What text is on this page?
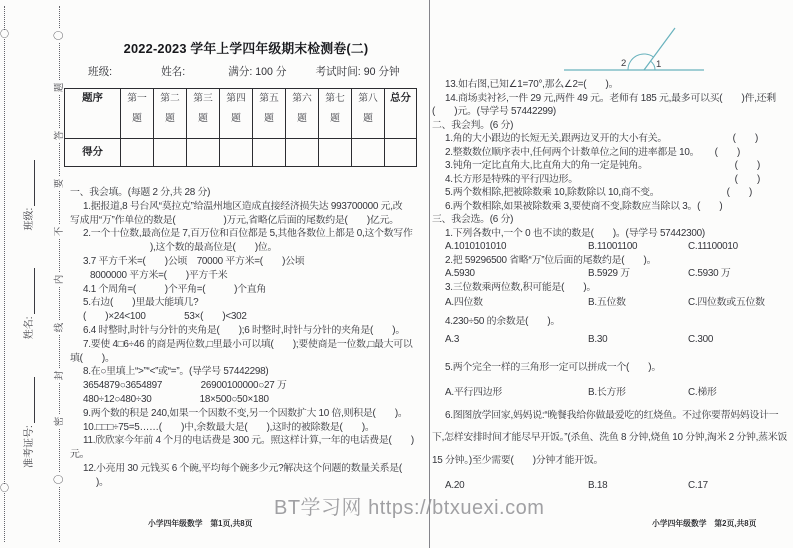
〇
〇
准考证号:
姓名:
班级:
〇
题
答
要
不
内
线
封
密
〇
2022-2023 学年上学四年级期末检测卷(二)
班级:	姓名:	满分: 100 分	考试时间: 90 分钟
题序	第一题	第二题	第三题	第四题	第五题	第六题	第七题	第八题	总分
得分									
一、我会填。(每题 2 分,共 28 分)
1.据报道,8 号台风“莫拉克”给温州地区造成直接经济损失达 993700000 元,改
写成用“万”作单位的数是(　　　　　)万元,省略亿后面的尾数约是(　　)亿元。
2.一个十位数,最高位是 7,百万位和百位都是 5,其他各数位上都是 0,这个数写作
),这个数的最高位是(　　)位。
3.7 平方千米=(　　)公顷　70000 平方米=(　　)公顷
8000000 平方米=(　　)平方千米
4.1 个周角=(　　　)个平角=(　　　)个直角
5.右边(　　)里最大能填几?
(　　)×24<100　　　　53×(　　)<302
6.4 时整时,时针与分针的夹角是(　　);6 时整时,时针与分针的夹角是(　　)。
7.要使 4□6÷46 的商是两位数,□里最小可以填(　　);要使商是一位数,□最大可以
填(　　)。
8.在○里填上“>”“<”或“=”。(导学号 57442298)
3654879○3654897　　　　26900100000○27 万
480÷12○480÷30　　　　　18×500○50×180
9.两个数的积是 240,如果一个因数不变,另一个因数扩大 10 倍,则积是(　　)。
10.□□□÷75=5……(　　)中,余数最大是(　　),这时的被除数是(　　)。
11.欣欣家今年前 4 个月的电话费是 300 元。照这样计算,一年的电话费是(　　)
元。
12.小亮用 30 元钱买 6 个碗,平均每个碗多少元?解决这个问题的数量关系是(
)。
2	1
13.如右图,已知∠1=70°,那么∠2=(　　)。
14.商场卖衬衫,一件 29 元,两件 49 元。老师有 185 元,最多可以买(　　)件,还剩
(　　)元。(导学号 57442299)
二、我会判。(6 分)
1.角的大小跟边的长短无关,跟两边叉开的大小有关。	(　　)
2.整数数位顺序表中,任何两个计数单位之间的进率都是 10。 (　　)
3.钝角一定比直角大,比直角大的角一定是钝角。	(　　)
4.长方形是特殊的平行四边形。	(　　)
5.两个数相除,把被除数乘 10,除数除以 10,商不变。	(　　)
6.两个数相除,如果被除数乘 3,要使商不变,除数应当除以 3。 (　　)
三、我会选。(6 分)
1.下列各数中,一个 0 也不读的数是(　　)。(导学号 57442300)
A.1010101010	B.11001100	C.11100010
2.把 59296500 省略“万”位后面的尾数约是(　　)。
A.5930	B.5929 万	C.5930 万
3.三位数乘两位数,积可能是(　　)。
A.四位数	B.五位数	C.四位数或五位数
4.230÷50 的余数是(　　)。
A.3	B.30	C.300
5.两个完全一样的三角形一定可以拼成一个(　　)。
A.平行四边形	B.长方形	C.梯形
6.图图放学回家,妈妈说:“晚餐我给你做最爱吃的红烧鱼。不过你要帮妈妈设计一
下,怎样安排时间才能尽早开饭。”(杀鱼、洗鱼 8 分钟,烧鱼 10 分钟,淘米 2 分钟,蒸米饭
15 分钟。)至少需要(　　)分钟才能开饭。
A.20	B.18	C.17
小学四年级数学　第1页,共8页	小学四年级数学　第2页,共8页
BT学习网 https://btxuexi.com
